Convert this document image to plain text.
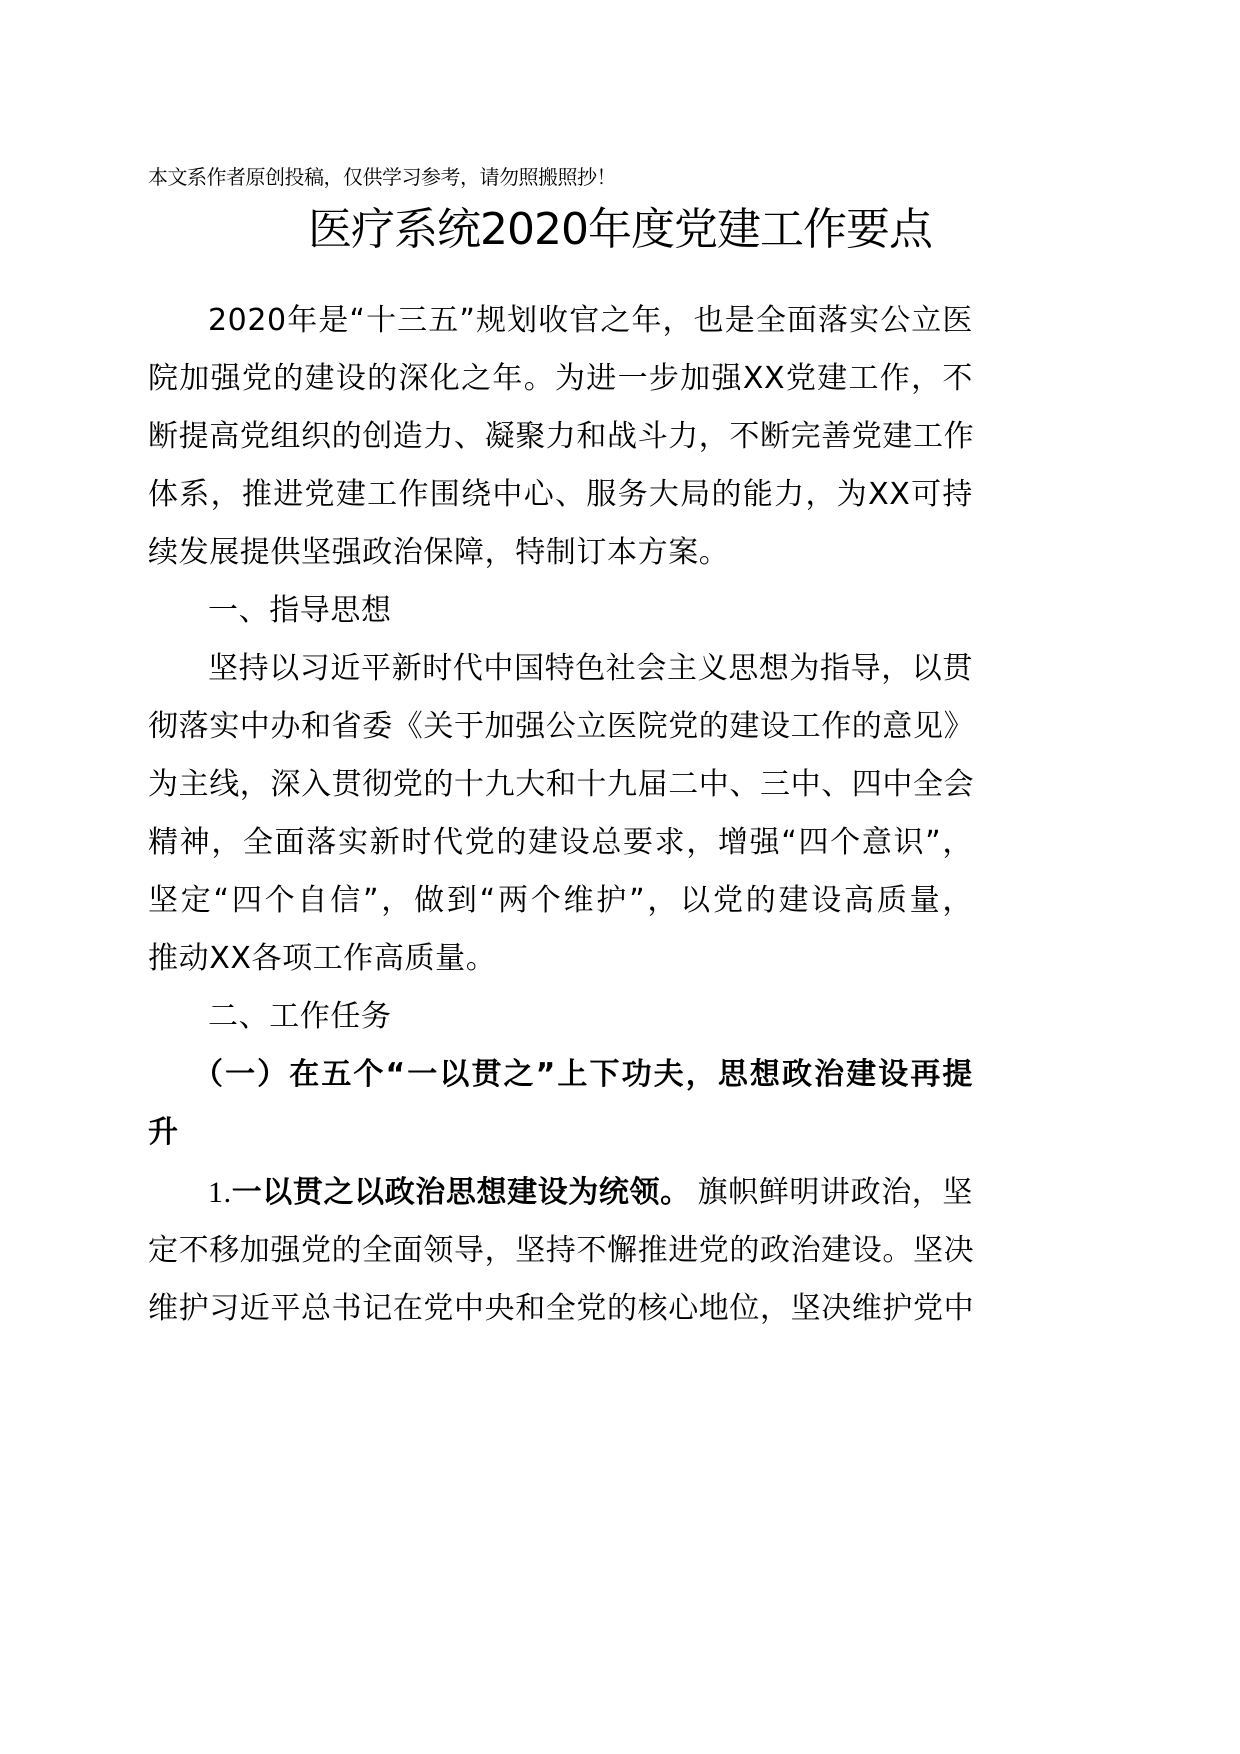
本文系作者原创投稿，仅供学习参考，请勿照搬照抄！
医疗系统2020年度党建工作要点
2020年是“十三五”规划收官之年，也是全面落实公立医
院加强党的建设的深化之年。为进一步加强XX党建工作，不
断提高党组织的创造力、凝聚力和战斗力，不断完善党建工作
体系，推进党建工作围绕中心、服务大局的能力，为XX可持
续发展提供坚强政治保障，特制订本方案。
一、指导思想
坚持以习近平新时代中国特色社会主义思想为指导，以贯
彻落实中办和省委《关于加强公立医院党的建设工作的意见》
为主线，深入贯彻党的十九大和十九届二中、三中、四中全会
精神，全面落实新时代党的建设总要求，增强“四个意识”，
坚定“四个自信”，做到“两个维护”，以党的建设高质量，
推动XX各项工作高质量。
二、工作任务
（一）在五个“一以贯之”上下功夫，思想政治建设再提
升
1.一以贯之以政治思想建设为统领。 旗帜鲜明讲政治，坚
定不移加强党的全面领导，坚持不懈推进党的政治建设。坚决
维护习近平总书记在党中央和全党的核心地位，坚决维护党中
